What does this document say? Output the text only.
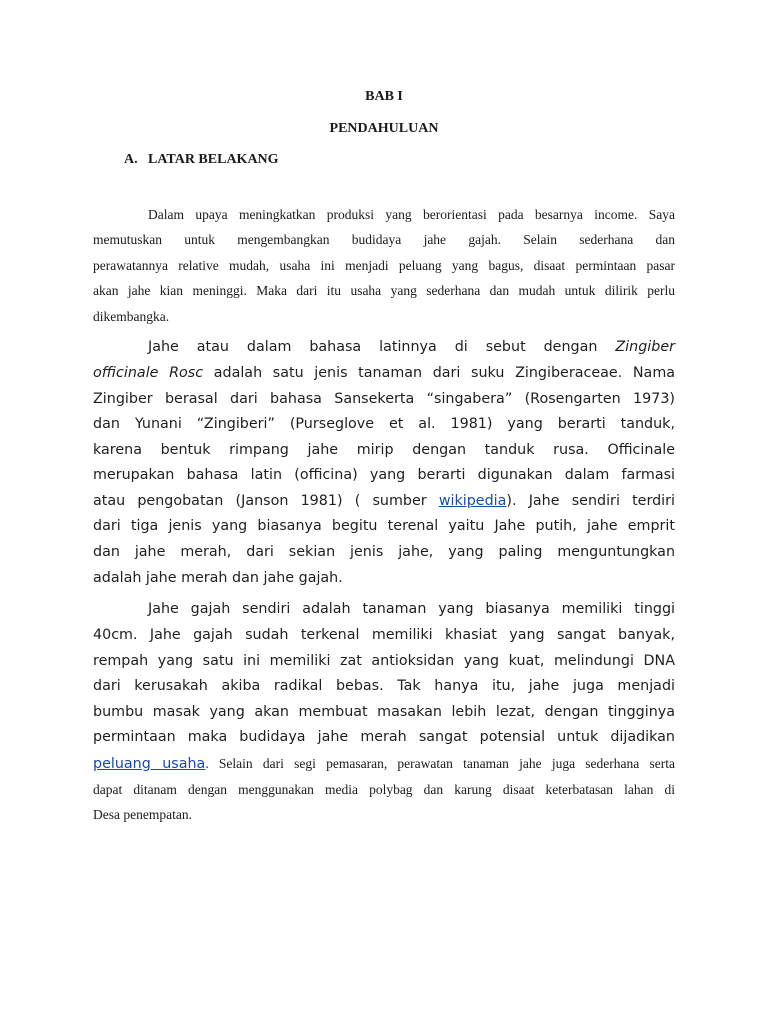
BAB I
PENDAHULUAN
A. LATAR BELAKANG
Dalam upaya meningkatkan produksi yang berorientasi pada besarnya income. Saya
memutuskan untuk mengembangkan budidaya jahe gajah. Selain sederhana dan
perawatannya relative mudah, usaha ini menjadi peluang yang bagus, disaat permintaan pasar
akan jahe kian meninggi. Maka dari itu usaha yang sederhana dan mudah untuk dilirik perlu
dikembangka.
Jahe atau dalam bahasa latinnya di sebut dengan Zingiber
officinale Rosc adalah satu jenis tanaman dari suku Zingiberaceae. Nama
Zingiber berasal dari bahasa Sansekerta “singabera” (Rosengarten 1973)
dan Yunani “Zingiberi” (Purseglove et al. 1981) yang berarti tanduk,
karena bentuk rimpang jahe mirip dengan tanduk rusa. Officinale
merupakan bahasa latin (officina) yang berarti digunakan dalam farmasi
atau pengobatan (Janson 1981) ( sumber wikipedia). Jahe sendiri terdiri
dari tiga jenis yang biasanya begitu terenal yaitu Jahe putih, jahe emprit
dan jahe merah, dari sekian jenis jahe, yang paling menguntungkan
adalah jahe merah dan jahe gajah.
Jahe gajah sendiri adalah tanaman yang biasanya memiliki tinggi
40cm. Jahe gajah sudah terkenal memiliki khasiat yang sangat banyak,
rempah yang satu ini memiliki zat antioksidan yang kuat, melindungi DNA
dari kerusakah akiba radikal bebas. Tak hanya itu, jahe juga menjadi
bumbu masak yang akan membuat masakan lebih lezat, dengan tingginya
permintaan maka budidaya jahe merah sangat potensial untuk dijadikan
peluang usaha. Selain dari segi pemasaran, perawatan tanaman jahe juga sederhana serta
dapat ditanam dengan menggunakan media polybag dan karung disaat keterbatasan lahan di
Desa penempatan.
